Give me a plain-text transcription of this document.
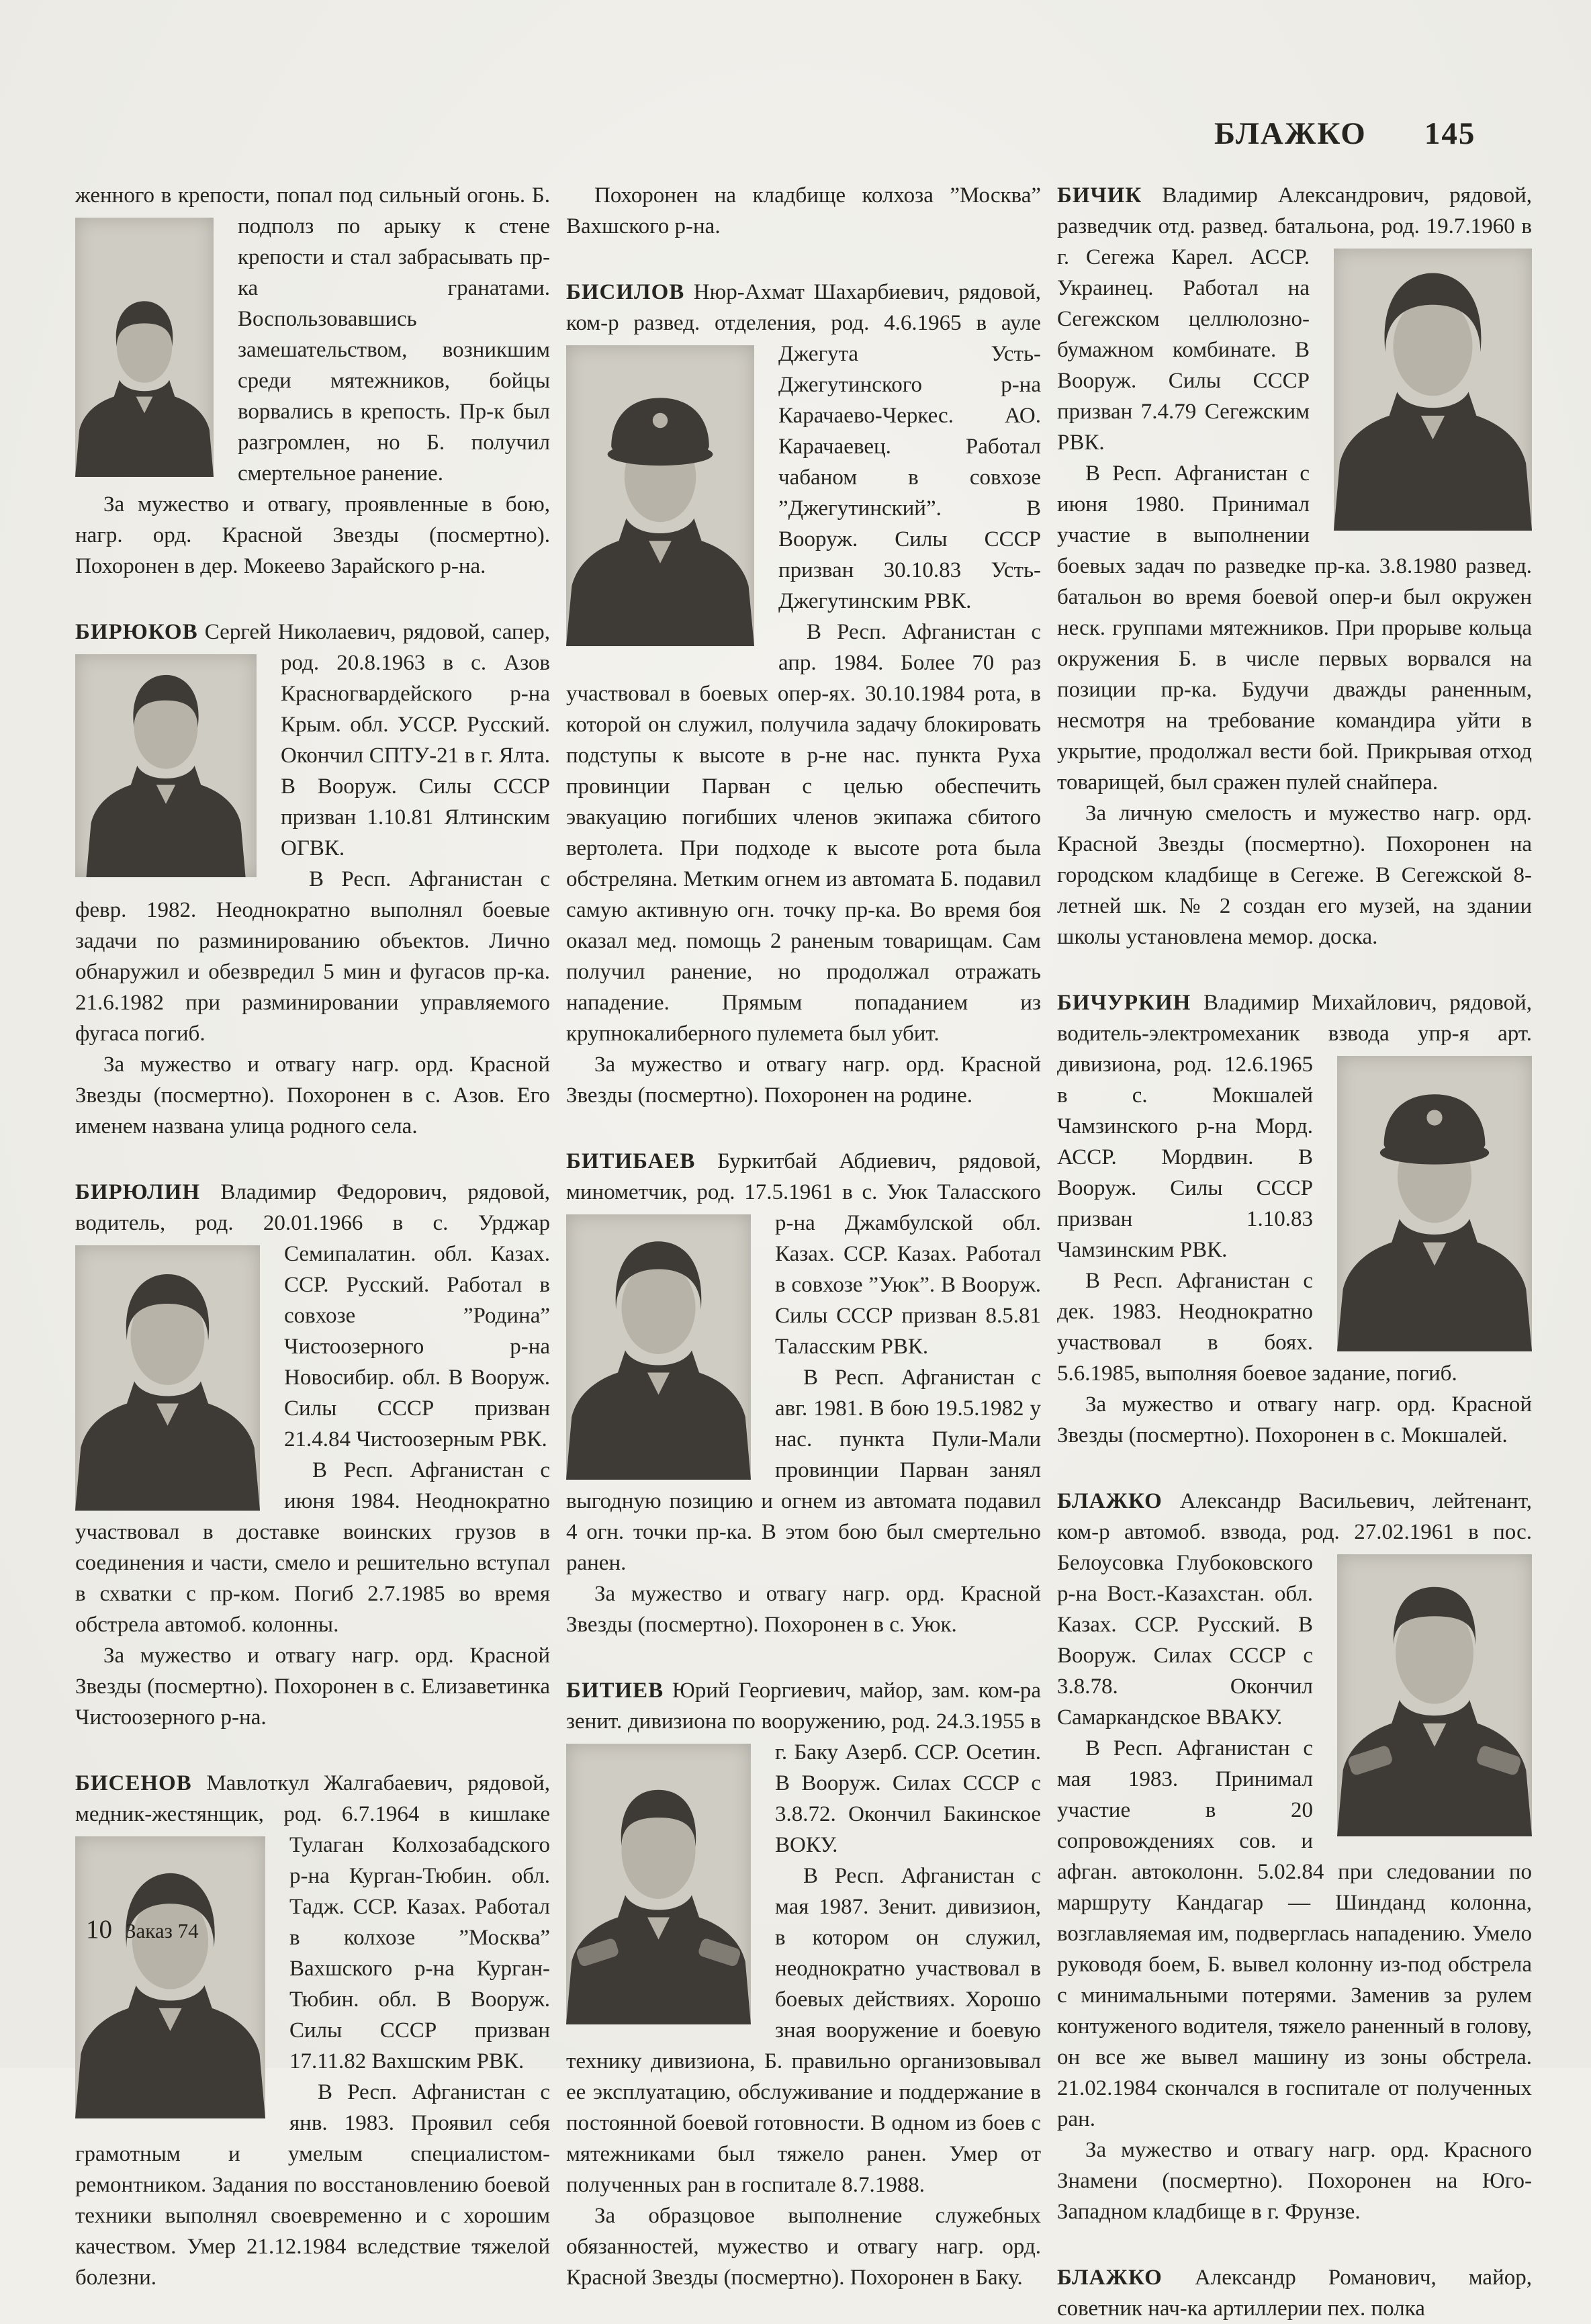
БЛАЖКО 145

женного в крепости, попал под сильный огонь. Б. подполз по арыку к стене
крепости и стал забрасывать пр-ка гранатами. Воспользовавшись замешательством, возникшим среди мятежников, бойцы ворвались в крепость. Пр-к был разгромлен, но Б. получил смертельное ранение.

За мужество и отвагу, проявленные в бою, нагр. орд. Красной Звезды (посмертно). Похоронен в дер. Мокеево Зарайского р-на.

БИРЮКОВ Сергей Николаевич, рядовой, сапер, род. 20.8.1963 в с. Азов
Красногвардейского р-на Крым. обл. УССР. Русский. Окончил СПТУ-21 в г. Ялта. В Вооруж. Силы СССР призван 1.10.81 Ялтинским ОГВК.

В Респ. Афганистан с февр. 1982. Неоднократно выполнял боевые задачи по разминированию объектов. Лично обнаружил и обезвредил 5 мин и фугасов пр-ка. 21.6.1982 при разминировании управляемого фугаса погиб.

За мужество и отвагу нагр. орд. Красной Звезды (посмертно). Похоронен в с. Азов. Его именем названа улица родного села.

БИРЮЛИН Владимир Федорович, рядовой, водитель, род. 20.01.1966 в с. Урджар
Семипалатин. обл. Казах. ССР. Русский. Работал в совхозе ”Родина” Чистоозерного р-на Новосибир. обл. В Вооруж. Силы СССР призван 21.4.84 Чистоозерным РВК.

В Респ. Афганистан с июня 1984. Неоднократно участвовал в доставке воинских грузов в соединения и части, смело и решительно вступал в схватки с пр-ком. Погиб 2.7.1985 во время обстрела автомоб. колонны.

За мужество и отвагу нагр. орд. Красной Звезды (посмертно). Похоронен в с. Елизаветинка Чистоозерного р-на.

БИСЕНОВ Мавлоткул Жалгабаевич, рядовой, медник-жестянщик, род. 6.7.1964 в кишлаке
Тулаган Колхозабадского р-на Курган-Тюбин. обл. Тадж. ССР. Казах. Работал в колхозе ”Москва” Вахшского р-на Курган-Тюбин. обл. В Вооруж. Силы СССР призван 17.11.82 Вахшским РВК.

В Респ. Афганистан с янв. 1983. Проявил себя грамотным и умелым специалистом-ремонтником. Задания по восстановлению боевой техники выполнял своевременно и с хорошим качеством. Умер 21.12.1984 вследствие тяжелой болезни.

Похоронен на кладбище колхоза ”Москва” Вахшского р-на.

БИСИЛОВ Нюр-Ахмат Шахарбиевич, рядовой, ком-р развед. отделения, род. 4.6.1965 в ауле Джегута Усть-Джегутинского р-на Карачаево-Черкес. АО. Карачаевец. Работал чабаном в совхозе ”Джегутинский”. В Вооруж. Силы СССР призван 30.10.83 Усть-Джегутинским РВК.

В Респ. Афганистан с апр. 1984. Более 70 раз участвовал в боевых опер-ях. 30.10.1984 рота, в которой он служил, получила задачу блокировать подступы к высоте в р-не нас. пункта Руха провинции Парван с целью обеспечить эвакуацию погибших членов экипажа сбитого вертолета. При подходе к высоте рота была обстреляна. Метким огнем из автомата Б. подавил самую активную огн. точку пр-ка. Во время боя оказал мед. помощь 2 раненым товарищам. Сам получил ранение, но продолжал отражать нападение. Прямым попаданием из крупнокалиберного пулемета был убит.

За мужество и отвагу нагр. орд. Красной Звезды (посмертно). Похоронен на родине.

БИТИБАЕВ Буркитбай Абдиевич, рядовой, минометчик, род. 17.5.1961 в с. Уюк Таласского р-на Джамбулской обл. Казах. ССР. Казах. Работал в совхозе ”Уюк”. В Вооруж. Силы СССР призван 8.5.81 Таласским РВК.

В Респ. Афганистан с авг. 1981. В бою 19.5.1982 у нас. пункта Пули-Мали провинции Парван занял выгодную позицию и огнем из автомата подавил 4 огн. точки пр-ка. В этом бою был смертельно ранен.

За мужество и отвагу нагр. орд. Красной Звезды (посмертно). Похоронен в с. Уюк.

БИТИЕВ Юрий Георгиевич, майор, зам. ком-ра зенит. дивизиона по вооружению, род. 24.3.1955 в г. Баку Азерб. ССР. Осетин. В Вооруж. Силах СССР с 3.8.72. Окончил Бакинское ВОКУ.

В Респ. Афганистан с мая 1987. Зенит. дивизион, в котором он служил, неоднократно участвовал в боевых действиях. Хорошо зная вооружение и боевую технику дивизиона, Б. правильно организовывал ее эксплуатацию, обслуживание и поддержание в постоянной боевой готовности. В одном из боев с мятежниками был тяжело ранен. Умер от полученных ран в госпитале 8.7.1988.

За образцовое выполнение служебных обязанностей, мужество и отвагу нагр. орд. Красной Звезды (посмертно). Похоронен в Баку.

БИЧИК Владимир Александрович, рядовой, разведчик отд. развед. батальона, род. 19.7.1960 в г. Сегежа Карел. АССР. Украинец. Работал на Сегежском целлюлозно-бумажном комбинате. В Вооруж. Силы СССР призван 7.4.79 Сегежским РВК.

В Респ. Афганистан с июня 1980. Принимал участие в выполнении боевых задач по разведке пр-ка. 3.8.1980 развед. батальон во время боевой опер-и был окружен неск. группами мятежников. При прорыве кольца окружения Б. в числе первых ворвался на позиции пр-ка. Будучи дважды раненным, несмотря на требование командира уйти в укрытие, продолжал вести бой. Прикрывая отход товарищей, был сражен пулей снайпера.

За личную смелость и мужество нагр. орд. Красной Звезды (посмертно). Похоронен на городском кладбище в Сегеже. В Сегежской 8-летней шк. № 2 создан его музей, на здании школы установлена мемор. доска.

БИЧУРКИН Владимир Михайлович, рядовой, водитель-электромеханик взвода упр-я арт. дивизиона, род. 12.6.1965 в с. Мокшалей Чамзинского р-на Морд. АССР. Мордвин. В Вооруж. Силы СССР призван 1.10.83 Чамзинским РВК.

В Респ. Афганистан с дек. 1983. Неоднократно участвовал в боях. 5.6.1985, выполняя боевое задание, погиб.

За мужество и отвагу нагр. орд. Красной Звезды (посмертно). Похоронен в с. Мокшалей.

БЛАЖКО Александр Васильевич, лейтенант, ком-р автомоб. взвода, род. 27.02.1961 в пос. Белоусовка Глубоковского р-на Вост.-Казахстан. обл. Казах. ССР. Русский. В Вооруж. Силах СССР с 3.8.78. Окончил Самаркандское ВВАКУ.

В Респ. Афганистан с мая 1983. Принимал участие в 20 сопровождениях сов. и афган. автоколонн. 5.02.84 при следовании по маршруту Кандагар — Шинданд колонна, возглавляемая им, подверглась нападению. Умело руководя боем, Б. вывел колонну из-под обстрела с минимальными потерями. Заменив за рулем контуженого водителя, тяжело раненный в голову, он все же вывел машину из зоны обстрела. 21.02.1984 скончался в госпитале от полученных ран.

За мужество и отвагу нагр. орд. Красного Знамени (посмертно). Похоронен на Юго-Западном кладбище в г. Фрунзе.

БЛАЖКО Александр Романович, майор, советник нач-ка артиллерии пех. полка

10 Заказ 74
